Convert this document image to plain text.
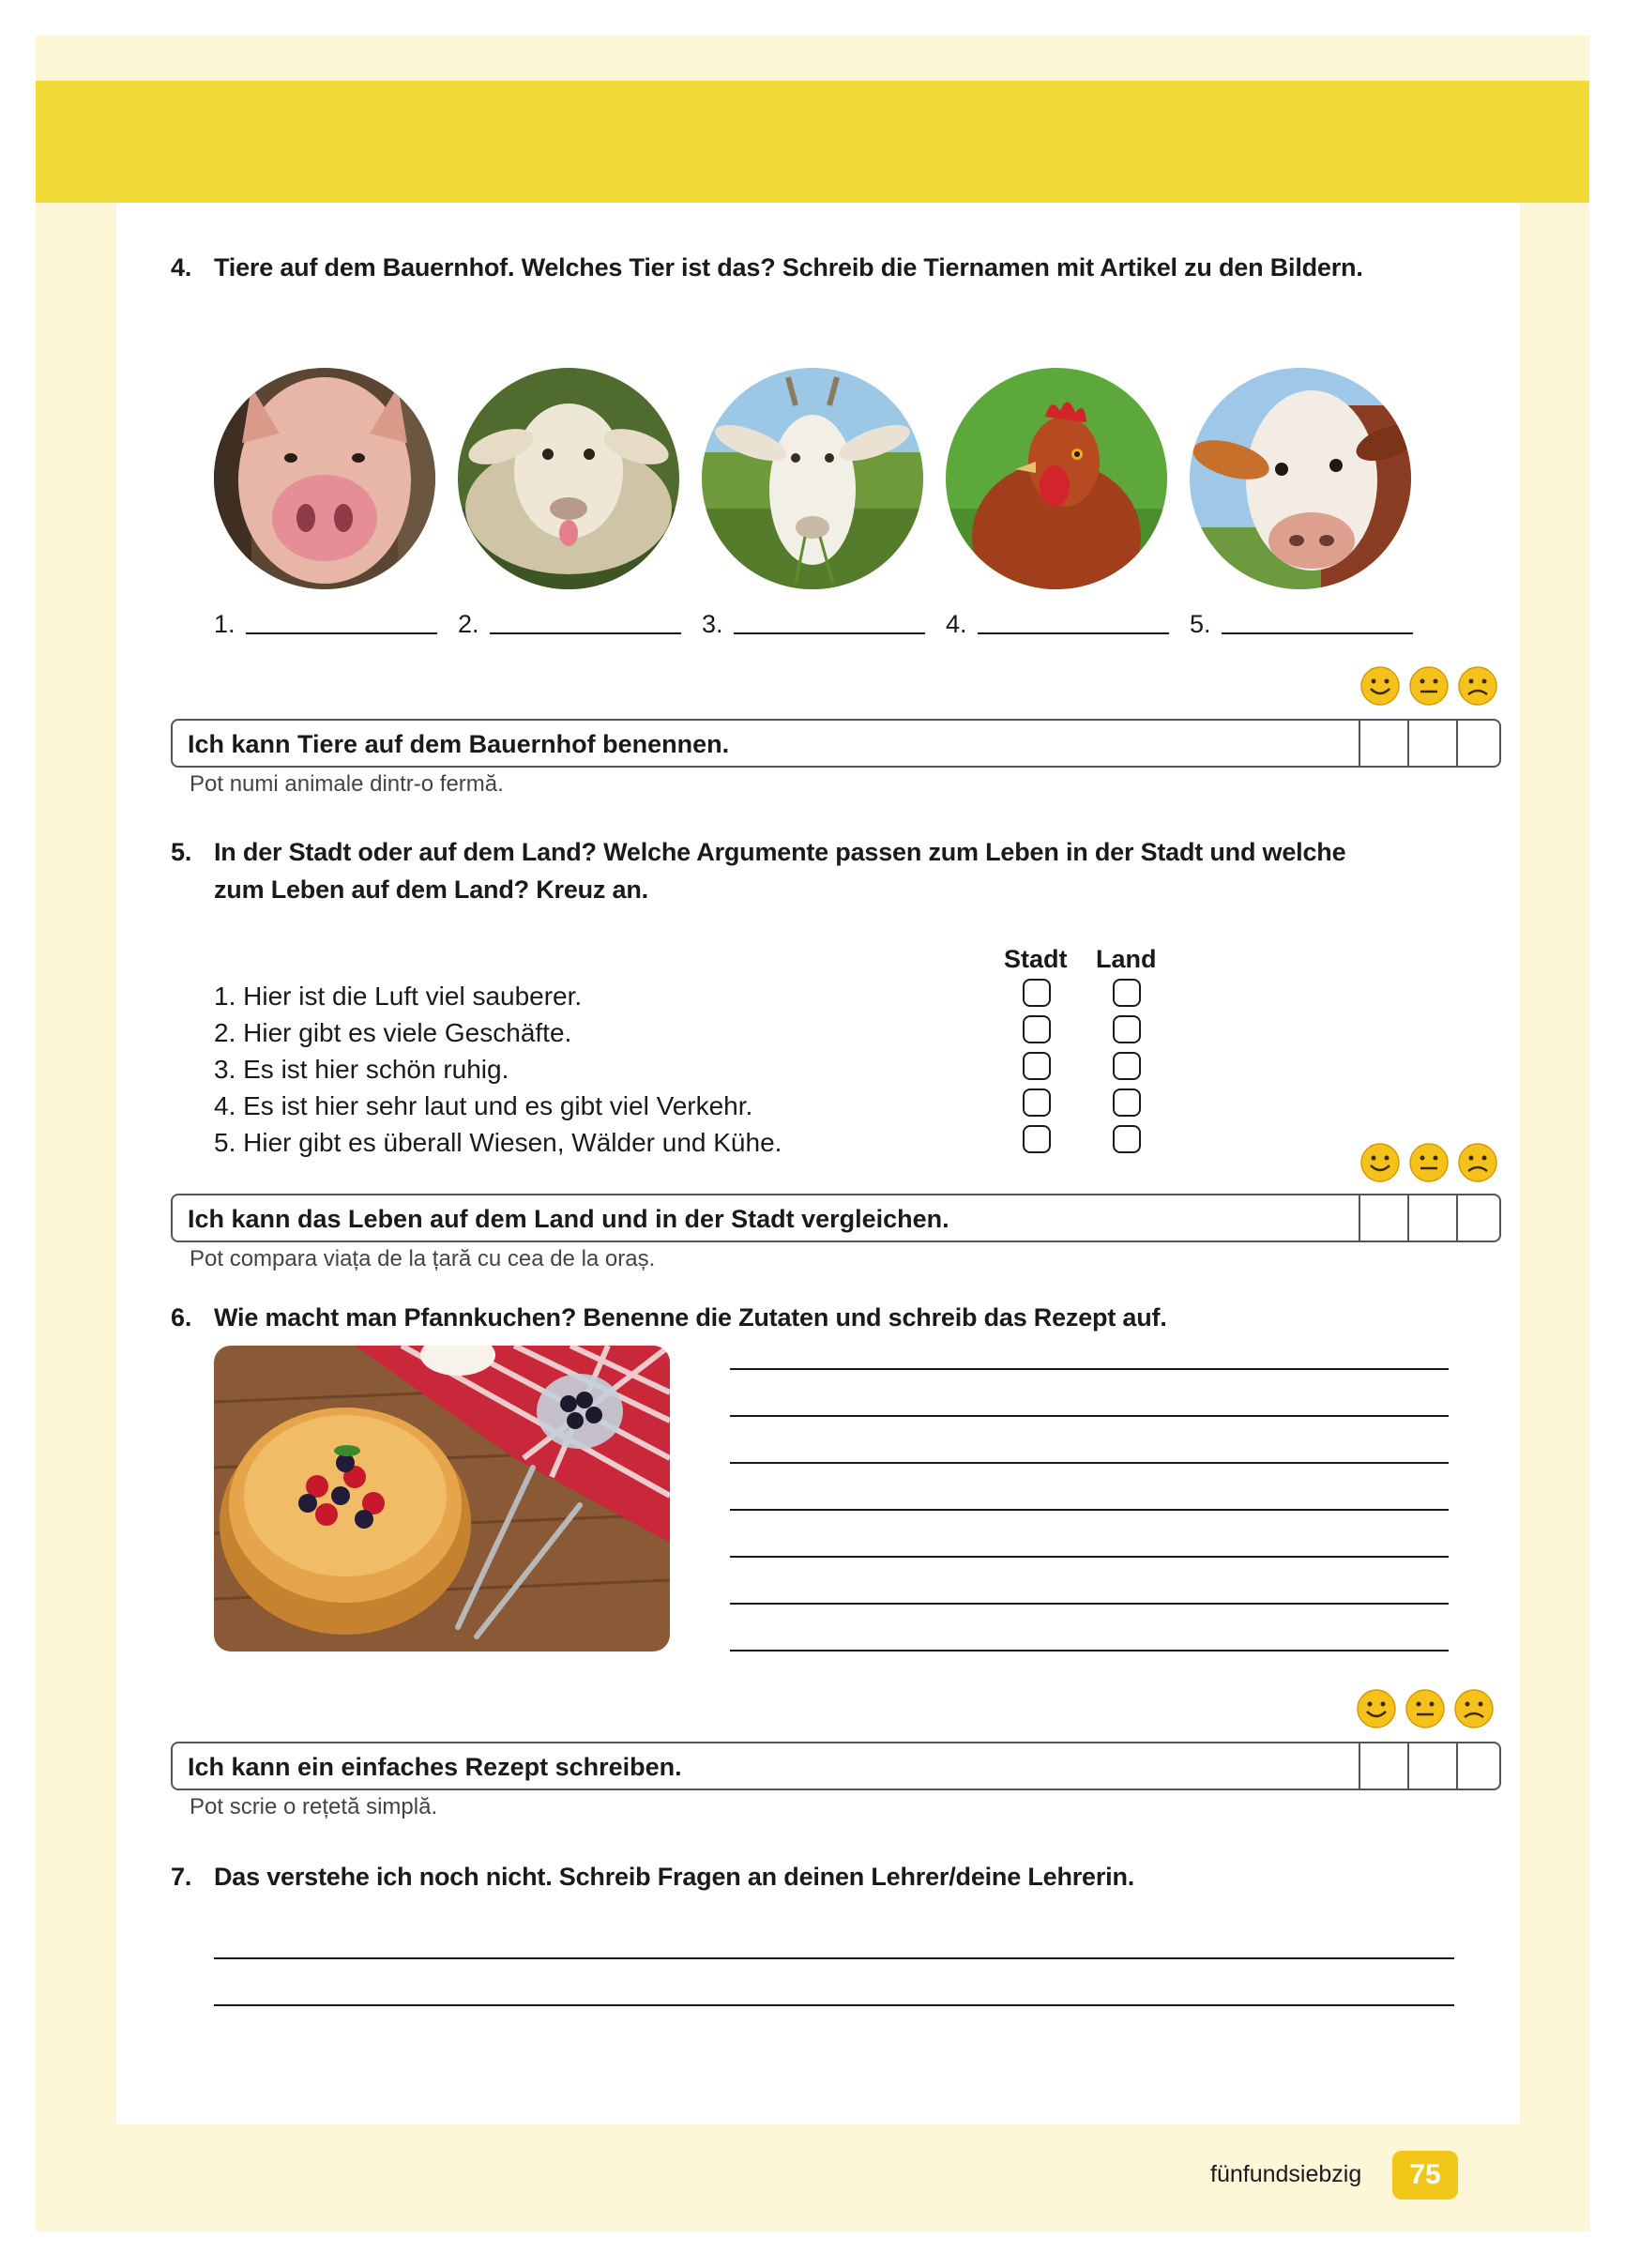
4. Tiere auf dem Bauernhof. Welches Tier ist das? Schreib die Tiernamen mit Artikel zu den Bildern.
1.	2.	3.	4.	5.
Ich kann Tiere auf dem Bauernhof benennen.
Pot numi animale dintr-o fermă.
5. In der Stadt oder auf dem Land? Welche Argumente passen zum Leben in der Stadt und welche
zum Leben auf dem Land? Kreuz an.
Stadt Land
1. Hier ist die Luft viel sauberer.
2. Hier gibt es viele Geschäfte.
3. Es ist hier schön ruhig.
4. Es ist hier sehr laut und es gibt viel Verkehr.
5. Hier gibt es überall Wiesen, Wälder und Kühe.
Ich kann das Leben auf dem Land und in der Stadt vergleichen.
Pot compara viața de la țară cu cea de la oraș.
6. Wie macht man Pfannkuchen? Benenne die Zutaten und schreib das Rezept auf.
Ich kann ein einfaches Rezept schreiben.
Pot scrie o rețetă simplă.
7. Das verstehe ich noch nicht. Schreib Fragen an deinen Lehrer/deine Lehrerin.
fünfundsiebzig	75
